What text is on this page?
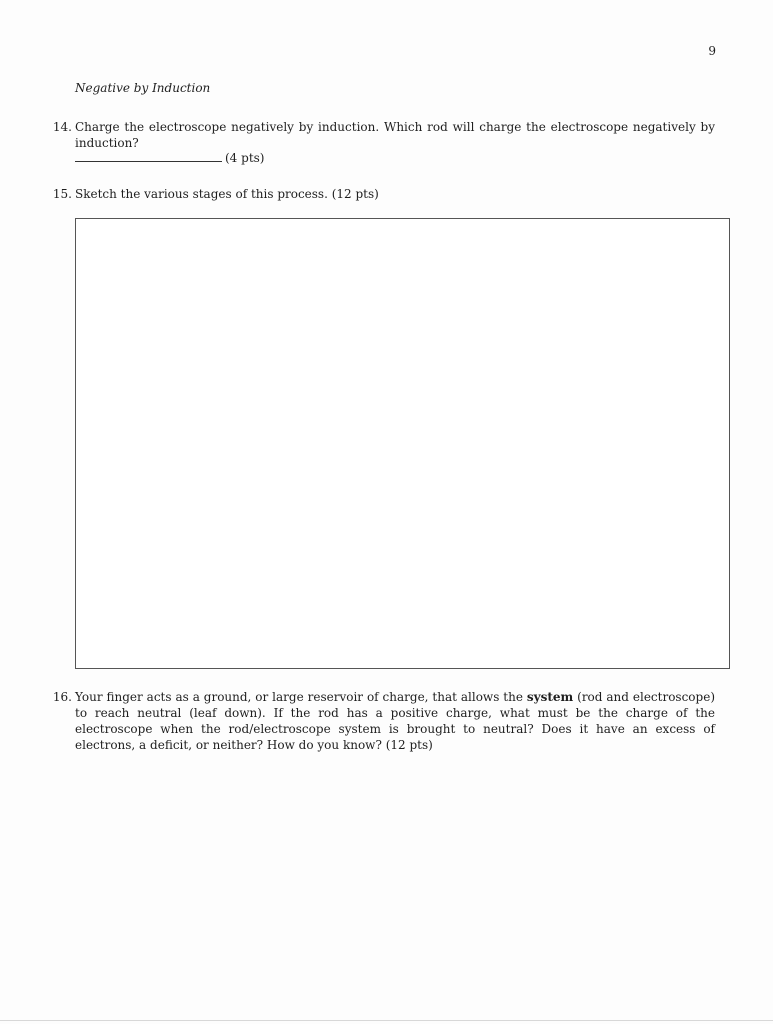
9
Negative by Induction
14. Charge the electroscope negatively by induction. Which rod will charge the electroscope negatively by induction?
(4 pts)
15. Sketch the various stages of this process. (12 pts)
16. Your finger acts as a ground, or large reservoir of charge, that allows the system (rod and electroscope) to reach neutral (leaf down). If the rod has a positive charge, what must be the charge of the electroscope when the rod/electroscope system is brought to neutral? Does it have an excess of electrons, a deficit, or neither? How do you know? (12 pts)
